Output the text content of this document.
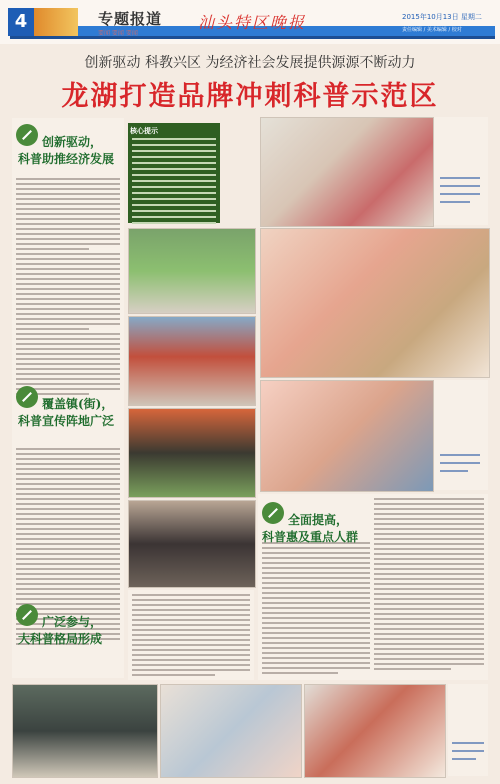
4	专题报道
要闻 要闻 要闻
汕头特区晚报	2015年10月13日 星期二
责任编辑 / 美术编辑 / 校对
创新驱动 科教兴区 为经济社会发展提供源源不断动力
龙湖打造品牌冲刺科普示范区
创新驱动，
科普助推经济发展
覆盖镇(街)，
科普宣传阵地广泛
广泛参与，
大科普格局形成
核心提示
全面提高，
科普惠及重点人群
